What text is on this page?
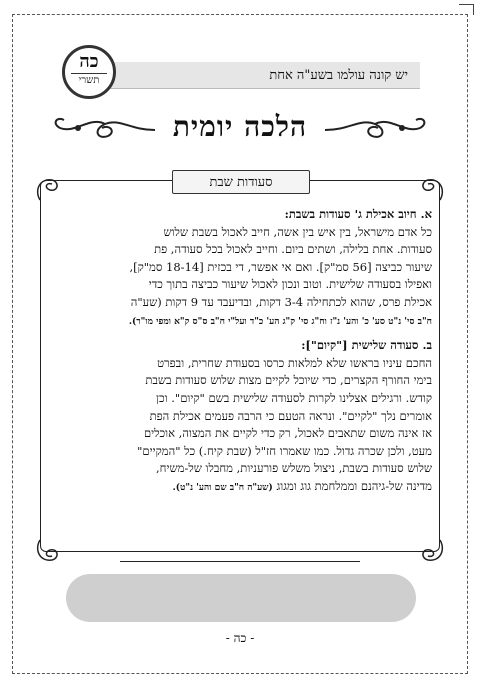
יש קונה עולמו בשע"ה אחת
כה
תשרי
הלכה יומית
סעודות שבת

א. חיוב אכילת ג' סעודות בשבת:
כל אדם מישראל, בין איש בין אשה, חייב לאכול בשבת שלוש
סעודות. אחת בלילה, ושתים ביום. וחייב לאכול בכל סעודה, פת
שיעור כביצה [56 סמ"ק]. ואם אי אפשר, די בכזית [18-14 סמ"ק],
ואפילו בסעודה שלישית. וטוב ונכון לאכול שיעור כביצה בתוך כדי
אכילת פרס, שהוא לכתחילה 3-4 דקות, ובדיעבד עד 9 דקות (שע"ה
ח"ב סי' נ"ט סע' כ' והע' נ"ז וח"ג סי' ק"ג הע' כ"ד ועל"י ח"ב ס"ס ק"א ומפי מו"ר).

ב. סעודה שלישית ["קיום"]:
החכם עיניו בראשו שלא למלאות כרסו בסעודת שחרית, ובפרט
בימי החורף הקצרים, כדי שיוכל לקיים מצות שלוש סעודות בשבת
קודש. ורגילים אצלינו לקרות לסעודה שלישית בשם "קיום". וכן
אומרים נלך "לקיים". ונראה הטעם כי הרבה פעמים אכילת הפת
אז אינה משום שתאבים לאכול, רק כדי לקיים את המצוה, אוכלים
מעט, ולכן שכרה גדול. כמו שאמרו חז"ל (שבת קיח.) כל "המקיים"
שלוש סעודות בשבת, ניצול משלש פורעניות, מחבלו של-משיח,
מדינה של-גיהנם וממלחמת גוג ומגוג (שע"ה ח"ב שם והע' נ"ט).

- כה -
